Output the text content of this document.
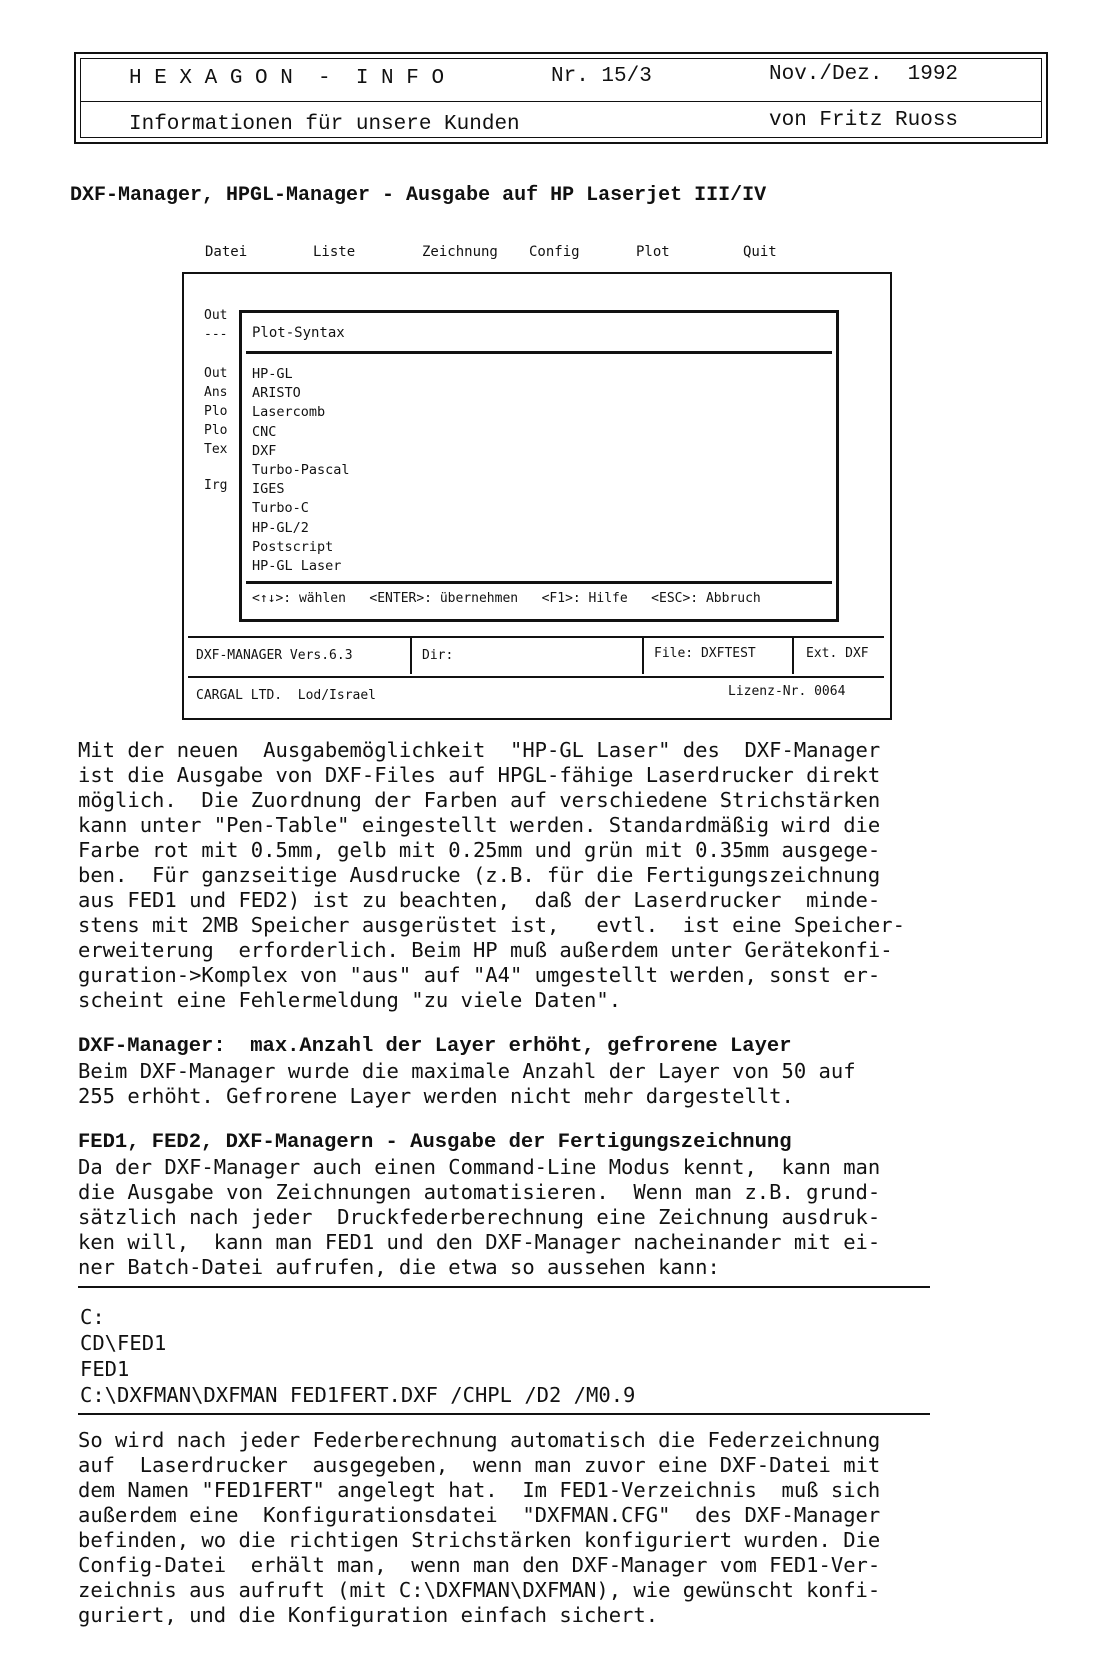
H E X A G O N  -  I N F O	Nr. 15/3	Nov./Dez.  1992
Informationen für unsere Kunden	von Fritz Ruoss
DXF-Manager, HPGL-Manager - Ausgabe auf HP Laserjet III/IV
Datei	Liste	Zeichnung Config	Plot	Quit
Out
---
Out
Ans
Plo
Plo
Tex
Irg
Plot-Syntax
HP-GL
ARISTO
Lasercomb
CNC
DXF
Turbo-Pascal
IGES
Turbo-C
HP-GL/2
Postscript
HP-GL Laser
<↑↓>: wählen   <ENTER>: übernehmen   <F1>: Hilfe   <ESC>: Abbruch
DXF-MANAGER Vers.6.3	Dir:	File: DXFTEST	Ext. DXF
CARGAL LTD.  Lod/Israel	Lizenz-Nr. 0064
Mit der neuen  Ausgabemöglichkeit  "HP-GL Laser" des  DXF-Manager
ist die Ausgabe von DXF-Files auf HPGL-fähige Laserdrucker direkt
möglich.  Die Zuordnung der Farben auf verschiedene Strichstärken
kann unter "Pen-Table" eingestellt werden. Standardmäßig wird die
Farbe rot mit 0.5mm, gelb mit 0.25mm und grün mit 0.35mm ausgege-
ben.  Für ganzseitige Ausdrucke (z.B. für die Fertigungszeichnung
aus FED1 und FED2) ist zu beachten,  daß der Laserdrucker  minde-
stens mit 2MB Speicher ausgerüstet ist,   evtl.  ist eine Speicher-
erweiterung  erforderlich. Beim HP muß außerdem unter Gerätekonfi-
guration->Komplex von "aus" auf "A4" umgestellt werden, sonst er-
scheint eine Fehlermeldung "zu viele Daten".
DXF-Manager:  max.Anzahl der Layer erhöht, gefrorene Layer
Beim DXF-Manager wurde die maximale Anzahl der Layer von 50 auf
255 erhöht. Gefrorene Layer werden nicht mehr dargestellt.
FED1, FED2, DXF-Managern - Ausgabe der Fertigungszeichnung
Da der DXF-Manager auch einen Command-Line Modus kennt,  kann man
die Ausgabe von Zeichnungen automatisieren.  Wenn man z.B. grund-
sätzlich nach jeder  Druckfederberechnung eine Zeichnung ausdruk-
ken will,  kann man FED1 und den DXF-Manager nacheinander mit ei-
ner Batch-Datei aufrufen, die etwa so aussehen kann:
C:
CD\FED1
FED1
C:\DXFMAN\DXFMAN FED1FERT.DXF /CHPL /D2 /M0.9
So wird nach jeder Federberechnung automatisch die Federzeichnung
auf  Laserdrucker  ausgegeben,  wenn man zuvor eine DXF-Datei mit
dem Namen "FED1FERT" angelegt hat.  Im FED1-Verzeichnis  muß sich
außerdem eine  Konfigurationsdatei  "DXFMAN.CFG"  des DXF-Manager
befinden, wo die richtigen Strichstärken konfiguriert wurden. Die
Config-Datei  erhält man,  wenn man den DXF-Manager vom FED1-Ver-
zeichnis aus aufruft (mit C:\DXFMAN\DXFMAN), wie gewünscht konfi-
guriert, und die Konfiguration einfach sichert.
